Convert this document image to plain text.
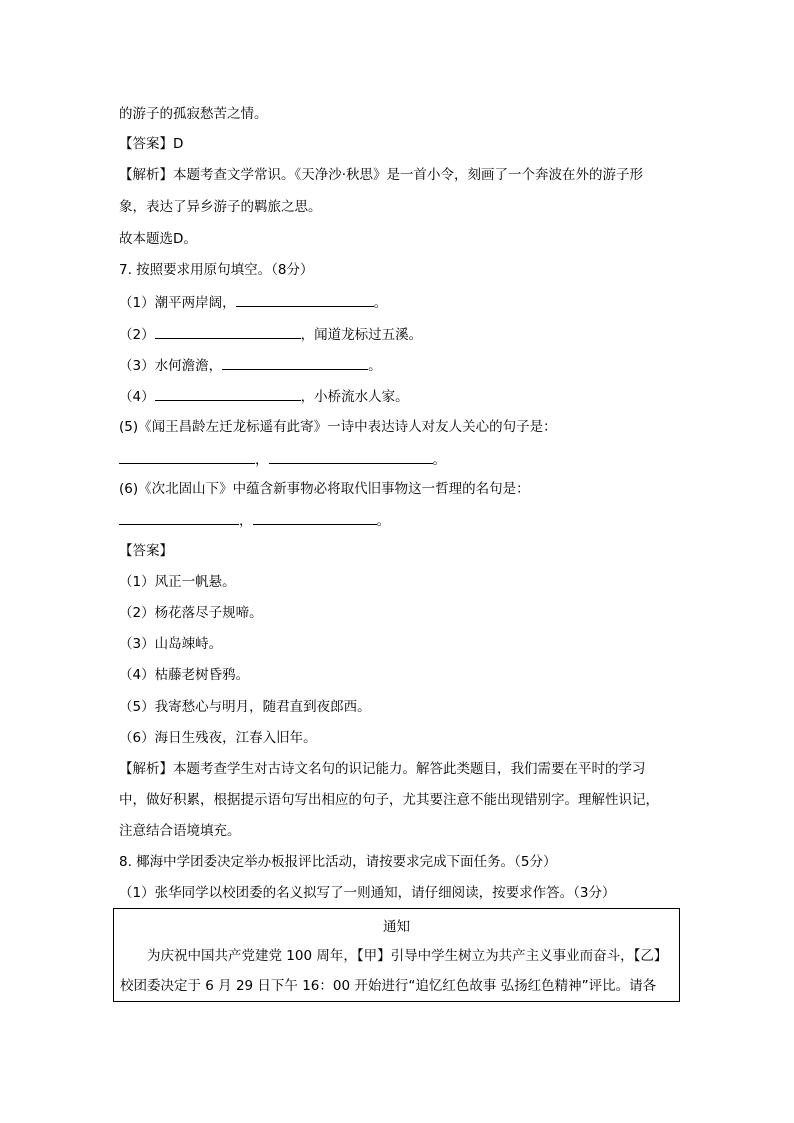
的游子的孤寂愁苦之情。
【答案】D
【解析】本题考查文学常识。《天净沙·秋思》是一首小令，刻画了一个奔波在外的游子形
象，表达了异乡游子的羁旅之思。
故本题选D。
7. 按照要求用原句填空。（8分）
（1）潮平两岸阔，	。
（2）	，闻道龙标过五溪。
（3）水何澹澹，	。
（4）	，小桥流水人家。
(5)《闻王昌龄左迁龙标遥有此寄》一诗中表达诗人对友人关心的句子是：
，	。
(6)《次北固山下》中蕴含新事物必将取代旧事物这一哲理的名句是：
，	。
【答案】
（1）风正一帆悬。
（2）杨花落尽子规啼。
（3）山岛竦峙。
（4）枯藤老树昏鸦。
（5）我寄愁心与明月，随君直到夜郎西。
（6）海日生残夜，江春入旧年。
【解析】本题考查学生对古诗文名句的识记能力。解答此类题目，我们需要在平时的学习
中，做好积累，根据提示语句写出相应的句子，尤其要注意不能出现错别字。理解性识记，
注意结合语境填充。
8. 椰海中学团委决定举办板报评比活动，请按要求完成下面任务。（5分）
（1）张华同学以校团委的名义拟写了一则通知，请仔细阅读，按要求作答。（3分）
通知
为庆祝中国共产党建党 100 周年，【甲】引导中学生树立为共产主义事业而奋斗，【乙】
校团委决定于 6 月 29 日下午 16：00 开始进行“追忆红色故事 弘扬红色精神”评比。请各
